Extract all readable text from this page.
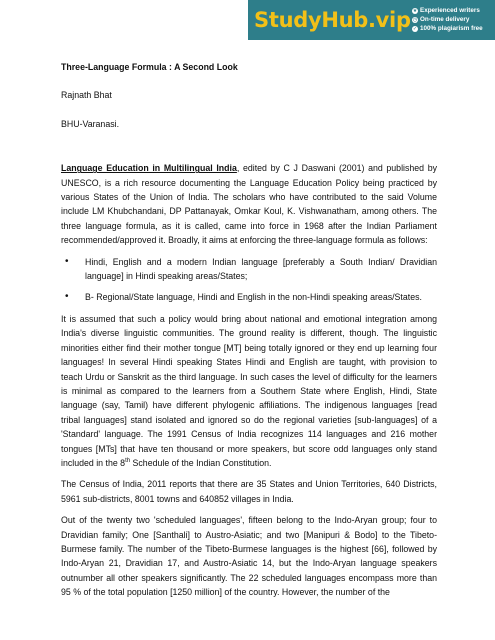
StudyHub.vip ★ Experienced writers
◷ On-time delivery
✓ 100% plagiarism free
Three-Language Formula : A Second Look
Rajnath Bhat
BHU-Varanasi.

Language Education in Multilingual India, edited by C J Daswani (2001) and published by UNESCO, is a rich resource documenting the Language Education Policy being practiced by various States of the Union of India. The scholars who have contributed to the said Volume include LM Khubchandani, DP Pattanayak, Omkar Koul, K. Vishwanatham, among others. The three language formula, as it is called, came into force in 1968 after the Indian Parliament recommended/approved it. Broadly, it aims at enforcing the three-language formula as follows:

• Hindi, English and a modern Indian language [preferably a South Indian/ Dravidian language] in Hindi speaking areas/States;
• B- Regional/State language, Hindi and English in the non-Hindi speaking areas/States.

It is assumed that such a policy would bring about national and emotional integration among India's diverse linguistic communities. The ground reality is different, though. The linguistic minorities either find their mother tongue [MT] being totally ignored or they end up learning four languages! In several Hindi speaking States Hindi and English are taught, with provision to teach Urdu or Sanskrit as the third language. In such cases the level of difficulty for the learners is minimal as compared to the learners from a Southern State where English, Hindi, State language (say, Tamil) have different phylogenic affiliations. The indigenous languages [read tribal languages] stand isolated and ignored so do the regional varieties [sub-languages] of a 'Standard' language. The 1991 Census of India recognizes 114 languages and 216 mother tongues [MTs] that have ten thousand or more speakers, but score odd languages only stand included in the 8th Schedule of the Indian Constitution.

The Census of India, 2011 reports that there are 35 States and Union Territories, 640 Districts, 5961 sub-districts, 8001 towns and 640852 villages in India.

Out of the twenty two 'scheduled languages', fifteen belong to the Indo-Aryan group; four to Dravidian family; One [Santhali] to Austro-Asiatic; and two [Manipuri & Bodo] to the Tibeto-Burmese family. The number of the Tibeto-Burmese languages is the highest [66], followed by Indo-Aryan 21, Dravidian 17, and Austro-Asiatic 14, but the Indo-Aryan language speakers outnumber all other speakers significantly. The 22 scheduled languages encompass more than 95 % of the total population [1250 million] of the country. However, the number of the
